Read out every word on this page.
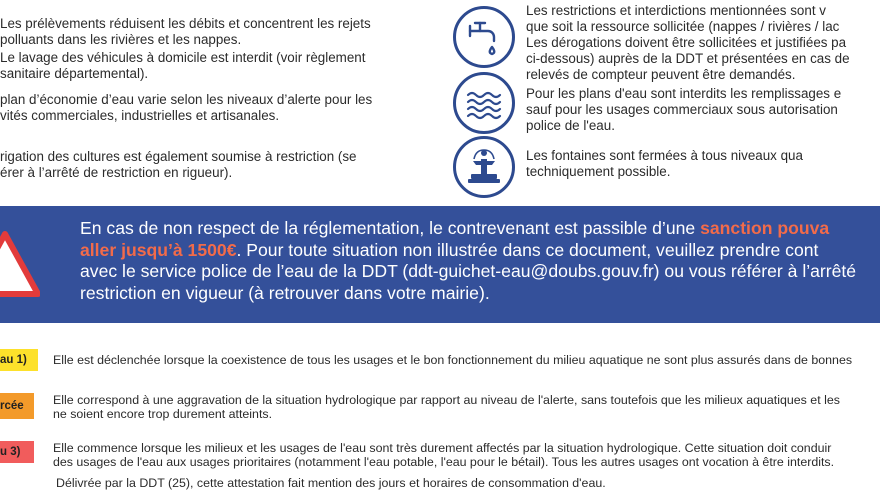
Les prélèvements réduisent les débits et concentrent les rejets
polluants dans les rivières et les nappes.
Le lavage des véhicules à domicile est interdit (voir règlement
sanitaire départemental).
plan d’économie d’eau varie selon les niveaux d’alerte pour les
vités commerciales, industrielles et artisanales.
rigation des cultures est également soumise à restriction (se
érer à l’arrêté de restriction en rigueur).
Les restrictions et interdictions mentionnées sont v
que soit la ressource sollicitée (nappes / rivières / lac
Les dérogations doivent être sollicitées et justifiées pa
ci-dessous) auprès de la DDT et présentées en cas de
relevés de compteur peuvent être demandés.
Pour les plans d'eau sont interdits les remplissages e
sauf pour les usages commerciaux sous autorisation
police de l'eau.
Les fontaines sont fermées à tous niveaux qua
techniquement possible.
En cas de non respect de la réglementation, le contrevenant est passible d’une sanction pouva
aller jusqu’à 1500€. Pour toute situation non illustrée dans ce document, veuillez prendre cont
avec le service police de l’eau de la DDT (ddt-guichet-eau@doubs.gouv.fr) ou vous référer à l’arrêté
restriction en vigueur (à retrouver dans votre mairie).
au 1)	Elle est déclenchée lorsque la coexistence de tous les usages et le bon fonctionnement du milieu aquatique ne sont plus assurés dans de bonnes
rcée	Elle correspond à une aggravation de la situation hydrologique par rapport au niveau de l'alerte, sans toutefois que les milieux aquatiques et les
ne soient encore trop durement atteints.
u 3)	Elle commence lorsque les milieux et les usages de l'eau sont très durement affectés par la situation hydrologique. Cette situation doit conduir
des usages de l'eau aux usages prioritaires (notamment l'eau potable, l'eau pour le bétail). Tous les autres usages ont vocation à être interdits.
Délivrée par la DDT (25), cette attestation fait mention des jours et horaires de consommation d'eau.
